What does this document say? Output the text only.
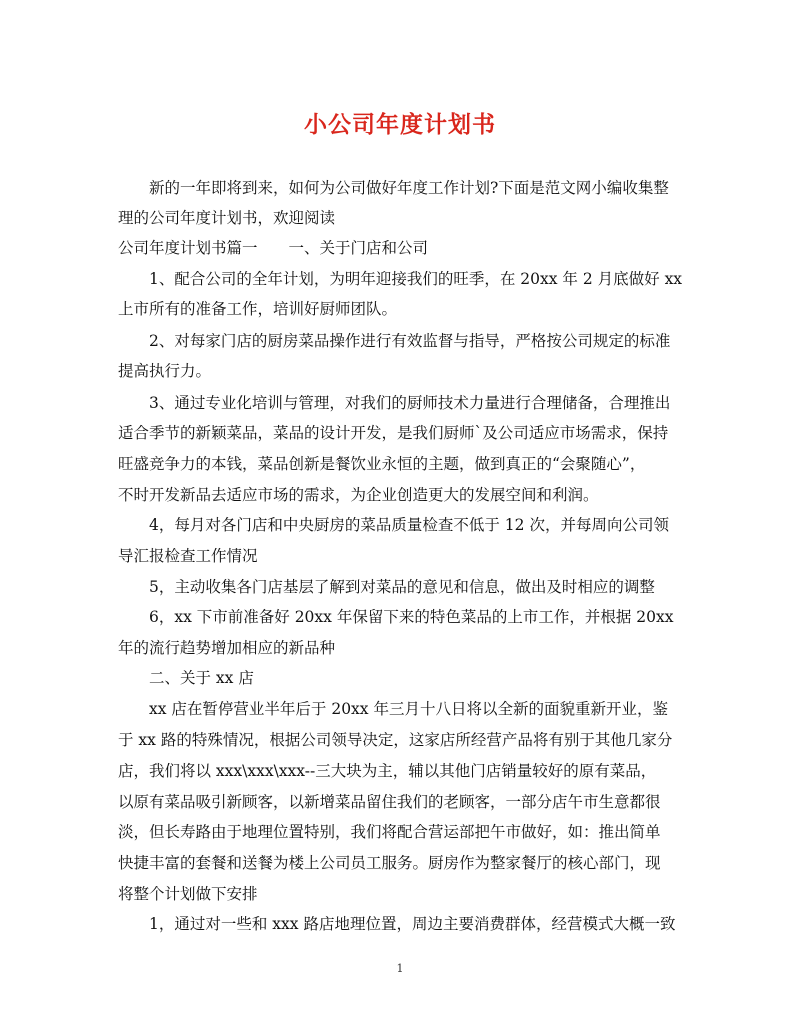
小公司年度计划书
　　新的一年即将到来，如何为公司做好年度工作计划?下面是范文网小编收集整
理的公司年度计划书，欢迎阅读
公司年度计划书篇一　　一、关于门店和公司
　　1、配合公司的全年计划，为明年迎接我们的旺季，在 20xx 年 2 月底做好 xx
上市所有的准备工作，培训好厨师团队。
　　2、对每家门店的厨房菜品操作进行有效监督与指导，严格按公司规定的标准
提高执行力。
　　3、通过专业化培训与管理，对我们的厨师技术力量进行合理储备，合理推出
适合季节的新颖菜品，菜品的设计开发，是我们厨师`及公司适应市场需求，保持
旺盛竞争力的本钱，菜品创新是餐饮业永恒的主题，做到真正的“会聚随心”，
不时开发新品去适应市场的需求，为企业创造更大的发展空间和利润。
　　4，每月对各门店和中央厨房的菜品质量检查不低于 12 次，并每周向公司领
导汇报检查工作情况
　　5，主动收集各门店基层了解到对菜品的意见和信息，做出及时相应的调整
　　6，xx 下市前准备好 20xx 年保留下来的特色菜品的上市工作，并根据 20xx
年的流行趋势增加相应的新品种
　　二、关于 xx 店
　　xx 店在暂停营业半年后于 20xx 年三月十八日将以全新的面貌重新开业，鉴
于 xx 路的特殊情况，根据公司领导决定，这家店所经营产品将有别于其他几家分
店，我们将以 xxx\xxx\xxx--三大块为主，辅以其他门店销量较好的原有菜品，
以原有菜品吸引新顾客，以新增菜品留住我们的老顾客，一部分店午市生意都很
淡，但长寿路由于地理位置特别，我们将配合营运部把午市做好，如：推出简单
快捷丰富的套餐和送餐为楼上公司员工服务。厨房作为整家餐厅的核心部门，现
将整个计划做下安排
　　1，通过对一些和 xxx 路店地理位置，周边主要消费群体，经营模式大概一致
1
